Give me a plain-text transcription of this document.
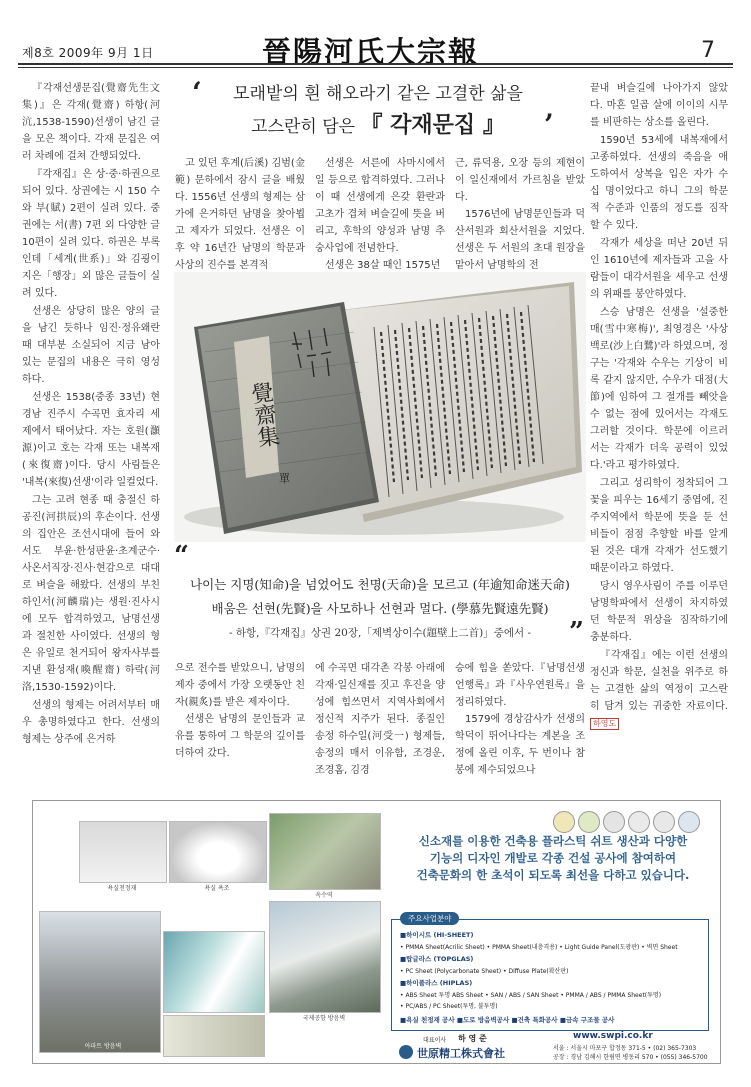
제8호 2009年 9月 1日	晉陽河氏大宗報	7

『각재선생문집(覺齋先生文集)』은 각재(覺齋) 하항(河沆,1538-1590)선생이 남긴 글을 모은 책이다. 각재 문집은 여러 차례에 걸쳐 간행되었다.

『각재집』은 상·중·하권으로 되어 있다. 상권에는 시 150 수와 부(賦) 2편이 실려 있다. 중권에는 서(書) 7편 외 다양한 글 10편이 실려 있다. 하권은 부록인데「세계(世系)」와 김굉이 지은「행장」외 많은 글들이 실려 있다.

선생은 상당히 많은 양의 글을 남긴 듯하나 임진·정유왜란 때 대부분 소실되어 지금 남아 있는 문집의 내용은 극히 영성하다.

선생은 1538(중종 33년) 현 경남 진주시 수곡면 효자리 세제에서 태어났다. 자는 호원(灝源)이고 호는 각재 또는 내복재(來復齋)이다. 당시 사림들은 '내복(來復)선생'이라 일컬었다.

그는 고려 현종 때 충절신 하공진(河拱辰)의 후손이다. 선생의 집안은 조선시대에 들어 와서도 부윤·한성판윤·초계군수·사온서직장·진사·현감으로 대대로 벼슬을 해왔다. 선생의 부친 하인서(河麟瑞)는 생원·진사시에 모두 합격하였고, 남명선생과 절친한 사이였다. 선생의 형은 유일로 천거되어 왕자사부를 지낸 환성재(喚醒齋) 하락(河洛,1530-1592)이다.

선생의 형제는 어려서부터 매우 총명하였다고 한다. 선생의 형제는 상주에 은거하

‘	모래밭의 흰 해오라기 같은 고결한 삶을
고스란히 담은 『 각재문집 』	’

고 있던 후계(后溪) 김범(金範) 문하에서 잠시 글을 배웠다. 1556년 선생의 형제는 삼가에 은거하던 남명을 찾아뵙고 제자가 되었다. 선생은 이후 약 16년간 남명의 학문과 사상의 진수를 본격적

선생은 서른에 사마시에서 일 등으로 합격하였다. 그러나 이 때 선생에게 은갖 환란과 고초가 겹쳐 벼슬길에 뜻을 버리고, 후학의 양성과 남명 추숭사업에 전념한다.

선생은 38살 때인 1575년

근, 류덕용, 오장 등의 제현이 이 일신재에서 가르침을 받았다.

1576년에 남명문인들과 덕산서원과 회산서원을 지었다. 선생은 두 서원의 초대 원장을 맡아서 남명학의 전

覺齋集
單
“
나이는 지명(知命)을 넘었어도 천명(天命)을 모르고 (年逾知命迷天命)
배움은 선현(先賢)을 사모하나 선현과 멀다. (學慕先賢遠先賢)
- 하항,『각재집』상권 20장,「제벽상이수(題壁上二首)」중에서 -	”

으로 전수를 받았으니, 남명의 제자 중에서 가장 오랫동안 친자(親炙)를 받은 제자이다.

선생은 남명의 문인들과 교유를 통하여 그 학문의 깊이를 더하여 갔다.

에 수곡면 대각촌 각봉 아래에 각재·일신재를 짓고 후진을 양성에 힘쓰면서 지역사회에서 정신적 지주가 된다. 종질인 송정 하수일(河受一) 형제들, 송정의 매서 이유함, 조경운, 조경홈, 김경

승에 힘을 쏟았다.『남명선생언행록』과『사우연원록』을 정리하였다.

1579에 경상감사가 선생의 학덕이 뛰어나다는 계본을 조정에 올린 이후, 두 번이나 참봉에 제수되었으나

끝내 벼슬길에 나아가지 않았다. 마흔 일곱 살에 이이의 시무를 비판하는 상소를 올린다.

1590년 53세에 내복재에서 고종하였다. 선생의 죽음을 애도하여서 상복을 입은 자가 수십 명이었다고 하니 그의 학문적 수준과 인품의 정도를 짐작할 수 있다.

각재가 세상을 떠난 20년 뒤인 1610년에 제자들과 고을 사람들이 대각서원을 세우고 선생의 위패를 봉안하였다.

스승 남명은 선생을 '설중한매(雪中寒梅)', 최영경은 '사상백로(沙上白鷺)'라 하였으며, 정구는 '각재와 수우는 기상이 비록 같지 않지만, 수우가 대점(大節)에 임하여 그 절개를 빼앗을 수 없는 점에 있어서는 각재도 그러할 것이다. 학문에 이르러서는 각재가 더욱 공력이 있었다.'라고 평가하였다.

그리고 성리학이 정착되어 그 꽃을 피우는 16세기 중엽에, 진주지역에서 학문에 뜻을 둔 선비들이 점점 추향할 바를 알게 된 것은 대개 각재가 선도했기 때문이라고 하였다.

당시 영우사림이 주를 이루던 남명학파에서 선생이 차지하였던 학문적 위상을 짐작하기에 충분하다.

『각재집』에는 이런 선생의 정신과 학문, 실천을 위주로 하는 고결한 삶의 역정이 고스란히 담겨 있는 귀중한 자료이다. 하영도

욕실천정재	욕실 욕조
옥수역
국제공항 방음벽
아파트 방음벽
신소재를 이용한 건축용 플라스틱 쉬트 생산과 다양한
기능의 디자인 개발로 각종 건설 공사에 참여하여
건축문화의 한 초석이 되도록 최선을 다하고 있습니다.
주요사업분야
■하이시트 (HI-SHEET)
• PMMA Sheet(Acrilic Sheet) • PMMA Sheet(내충격용) • Light Guide Panel(도광판) • 벽면 Sheet
■탑글라스 (TOPGLAS)
• PC Sheet (Polycarbonate Sheet) • Diffuse Plate(확산판)
■하이플라스 (HIPLAS)
• ABS Sheet 투명 ABS Sheet • SAN / ABS / SAN Sheet • PMMA / ABS / PMMA Sheet(투명)
• PC/ABS / PC Sheet(투명, 불투명)
■욕실 천정재 공사 ■도로 방음벽공사 ■건축 특화공사 ■금속 구조물 공사
대표이사 하 영 준
世原精工株式會社
www.swpi.co.kr
서울 : 서울시 마포구 합정동 371-5 • (02) 365-7303
공장 : 경남 김해시 한림면 병동리 570 • (055) 346-5700
